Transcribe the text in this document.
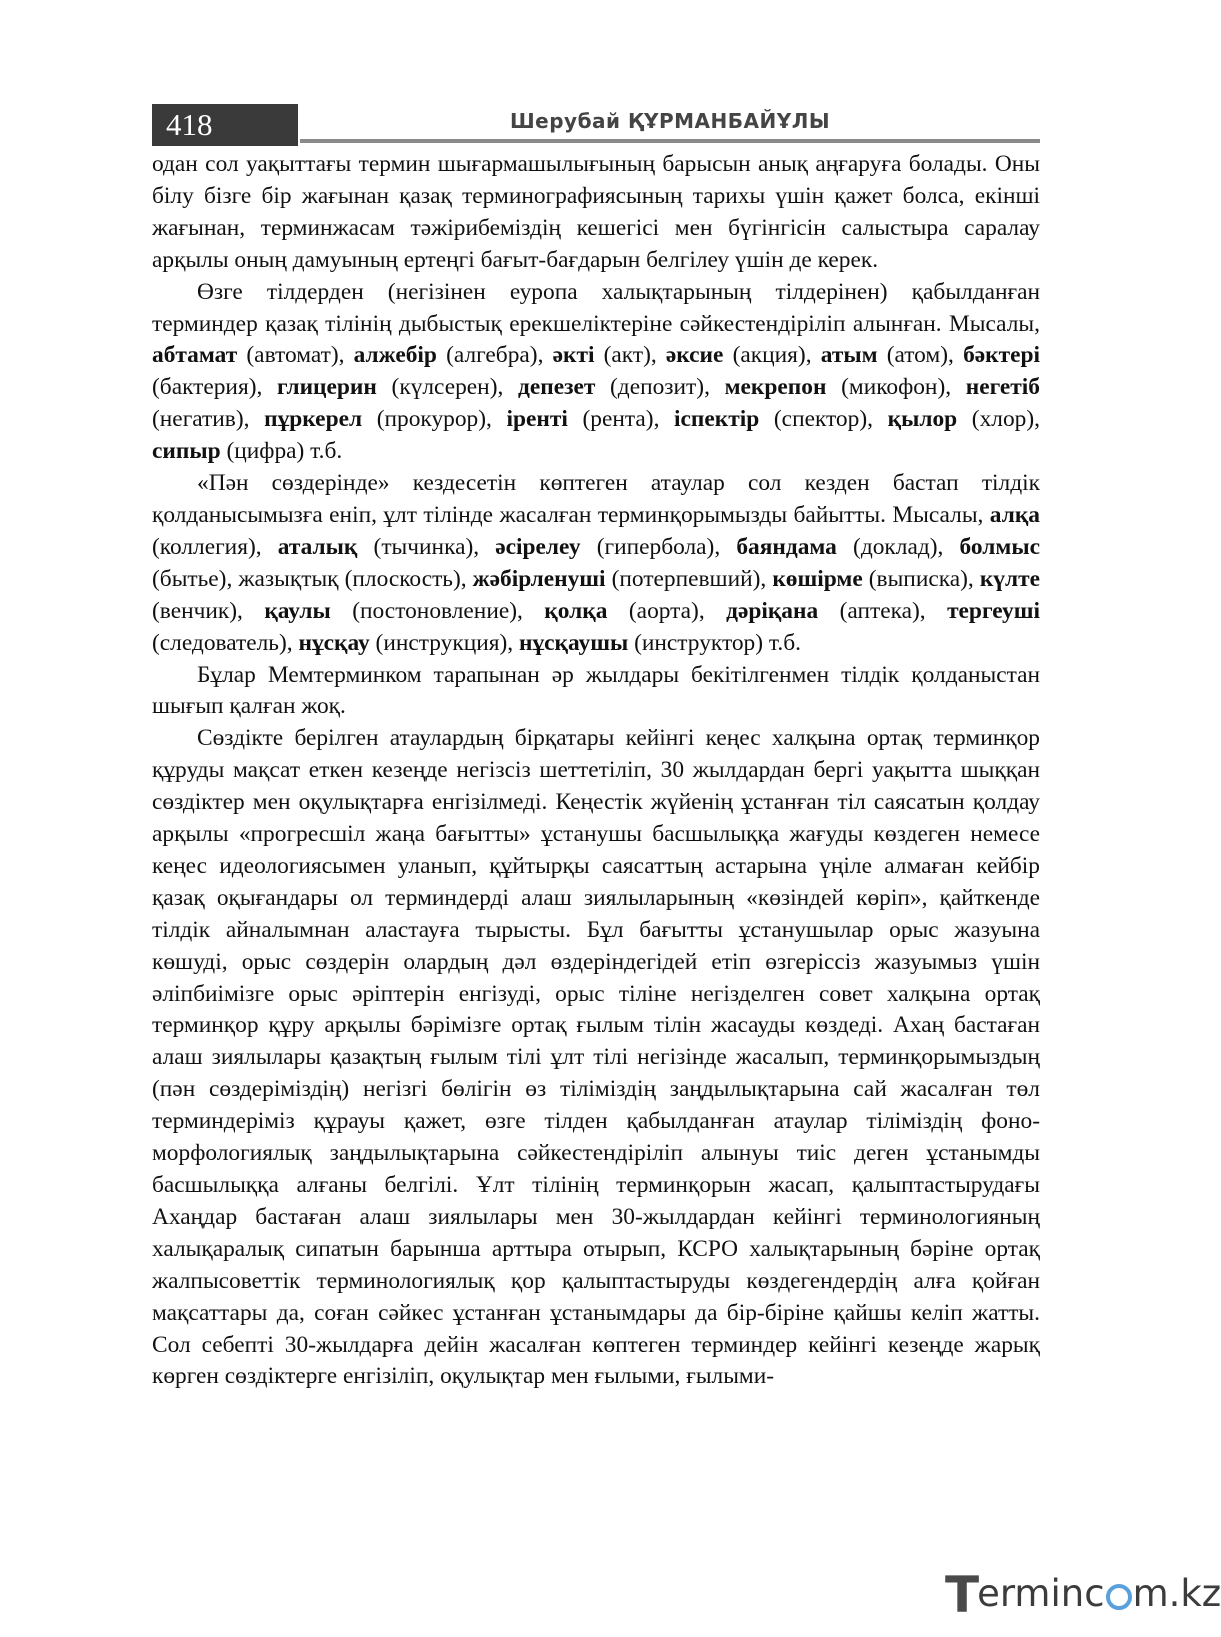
418	Шерубай ҚҰРМАНБАЙҰЛЫ

одан сол уақыттағы термин шығармашылығының барысын анық аңғаруға болады. Оны білу бізге бір жағынан қазақ терминографиясының тарихы үшін қажет болса, екінші жағынан, терминжасам тәжірибеміздің кешегісі мен бүгінгісін салыстыра саралау арқылы оның дамуының ертеңгі бағыт-бағдарын белгілеу үшін де керек.

Өзге тілдерден (негізінен еуропа халықтарының тілдерінен) қабылданған терминдер қазақ тілінің дыбыстық ерекшеліктеріне сәйкестендіріліп алынған. Мысалы, абтамат (автомат), алжебір (алгебра), әкті (акт), әксие (акция), атым (атом), бәктері (бактерия), глицерин (күлсерен), депезет (депозит), мекрепон (микофон), негетіб (негатив), пұркерел (прокурор), ірентi (рента), іспектір (спектор), қылор (хлор), сипыр (цифра) т.б.

«Пән сөздерінде» кездесетін көптеген атаулар сол кезден бастап тілдік қолданысымызға еніп, ұлт тілінде жасалған терминқорымызды байытты. Мысалы, алқа (коллегия), аталық (тычинка), әсірелеу (гипербола), баяндама (доклад), болмыс (бытье), жазықтық (плоскость), жәбірленуші (потерпевший), көшірме (выписка), күлте (венчик), қаулы (постоновление), қолқа (аорта), дәріқана (аптека), тергеуші (следователь), нұсқау (инструкция), нұсқаушы (инструктор) т.б.

Бұлар Мемтерминком тарапынан әр жылдары бекітілгенмен тілдік қолданыстан шығып қалған жоқ.

Сөздікте берілген атаулардың бірқатары кейінгі кеңес халқына ортақ терминқор құруды мақсат еткен кезеңде негізсіз шеттетіліп, 30 жылдардан бергі уақытта шыққан сөздіктер мен оқулықтарға енгізілмеді. Кеңестік жүйенің ұстанған тіл саясатын қолдау арқылы «прогресшіл жаңа бағытты» ұстанушы басшылыққа жағуды көздеген немесе кеңес идеологиясымен уланып, құйтырқы саясаттың астарына үңіле алмаған кейбір қазақ оқығандары ол терминдерді алаш зиялыларының «көзіндей көріп», қайткенде тілдік айналымнан аластауға тырысты. Бұл бағытты ұстанушылар орыс жазуына көшуді, орыс сөздерін олардың дәл өздеріндегідей етіп өзгеріссіз жазуымыз үшін әліпбиімізге орыс әріптерін енгізуді, орыс тіліне негізделген совет халқына ортақ терминқор құру арқылы бәрімізге ортақ ғылым тілін жасауды көздеді. Ахаң бастаған алаш зиялылары қазақтың ғылым тілі ұлт тілі негізінде жасалып, терминқорымыздың (пән сөздеріміздің) негізгі бөлігін өз тіліміздің заңдылықтарына сай жасалған төл терминдеріміз құрауы қажет, өзге тілден қабылданған атаулар тіліміздің фоно-морфологиялық заңдылықтарына сәйкестендіріліп алынуы тиіс деген ұстанымды басшылыққа алғаны белгілі. Ұлт тілінің терминқорын жасап, қалыптастырудағы Ахаңдар бастаған алаш зиялылары мен 30-жылдардан кейінгі терминологияның халықаралық сипатын барынша арттыра отырып, КСРО халықтарының бәріне ортақ жалпысоветтік терминологиялық қор қалыптастыруды көздегендердің алға қойған мақсаттары да, соған сәйкес ұстанған ұстанымдары да бір-біріне қайшы келіп жатты. Сол себепті 30-жылдарға дейін жасалған көптеген терминдер кейінгі кезеңде жарық көрген сөздіктерге енгізіліп, оқулықтар мен ғылыми, ғылыми-

Terminc m.kz
